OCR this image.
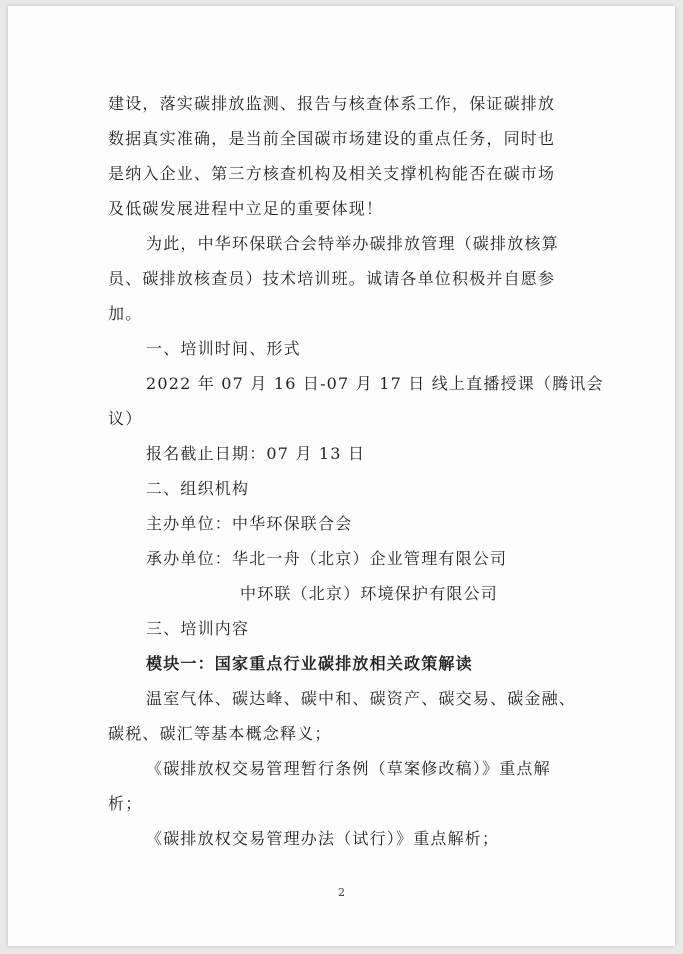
建设，落实碳排放监测、报告与核查体系工作，保证碳排放
数据真实准确，是当前全国碳市场建设的重点任务，同时也
是纳入企业、第三方核查机构及相关支撑机构能否在碳市场
及低碳发展进程中立足的重要体现！
为此，中华环保联合会特举办碳排放管理（碳排放核算
员、碳排放核查员）技术培训班。诚请各单位积极并自愿参
加。
一、培训时间、形式
2022 年 07 月 16 日-07 月 17 日 线上直播授课（腾讯会
议）
报名截止日期：07 月 13 日
二、组织机构
主办单位：中华环保联合会
承办单位：华北一舟（北京）企业管理有限公司
中环联（北京）环境保护有限公司
三、培训内容
模块一：国家重点行业碳排放相关政策解读
温室气体、碳达峰、碳中和、碳资产、碳交易、碳金融、
碳税、碳汇等基本概念释义；
《碳排放权交易管理暂行条例（草案修改稿）》重点解
析；
《碳排放权交易管理办法（试行）》重点解析；
2
